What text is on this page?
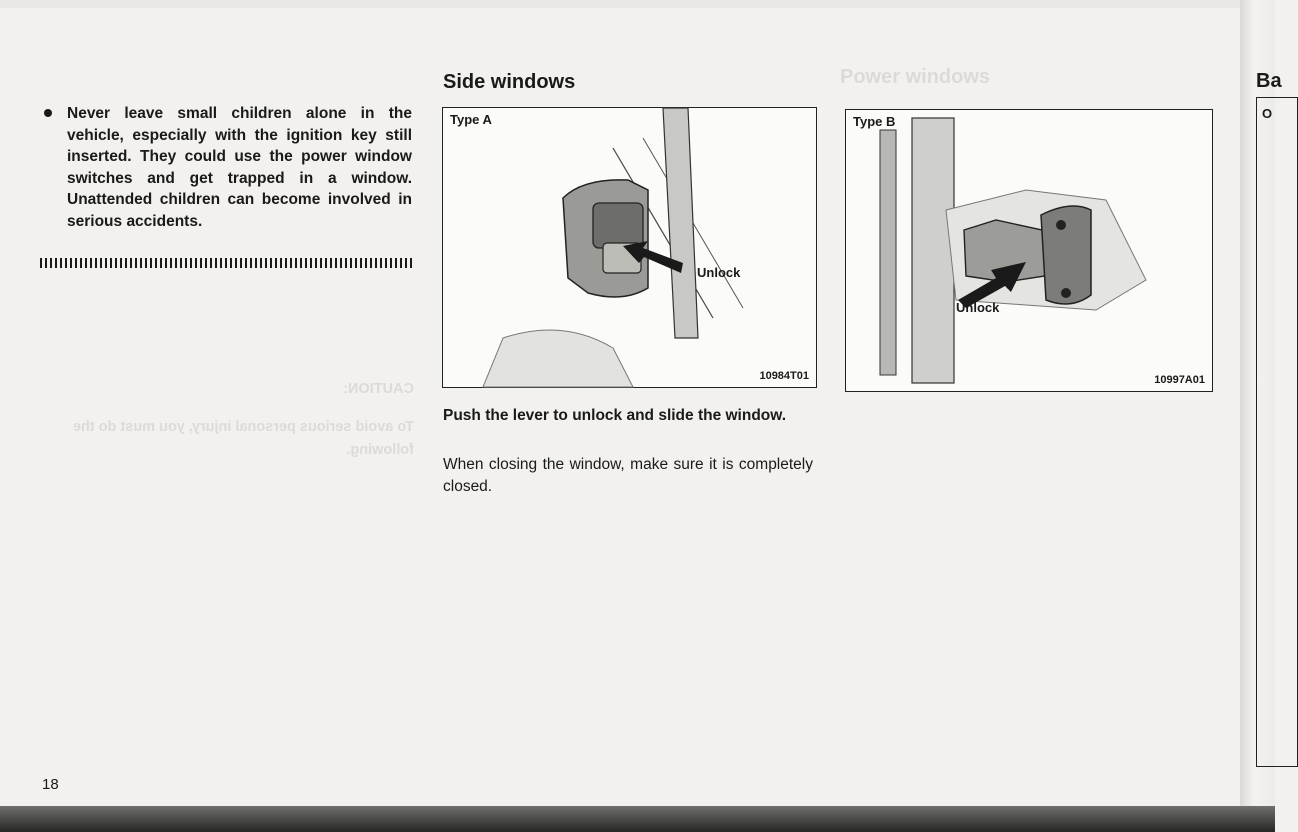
CAUTION:
To avoid serious personal injury, you must do the following.
Power windows

Never leave small children alone in the vehicle, especially with the ignition key still inserted. They could use the power window switches and get trapped in a window. Unattended children can become involved in serious accidents.

Side windows
Type A
Unlock
10984T01

Push the lever to unlock and slide the window.

When closing the window, make sure it is completely closed.

Type B
Unlock
10997A01
Ba
O
18
